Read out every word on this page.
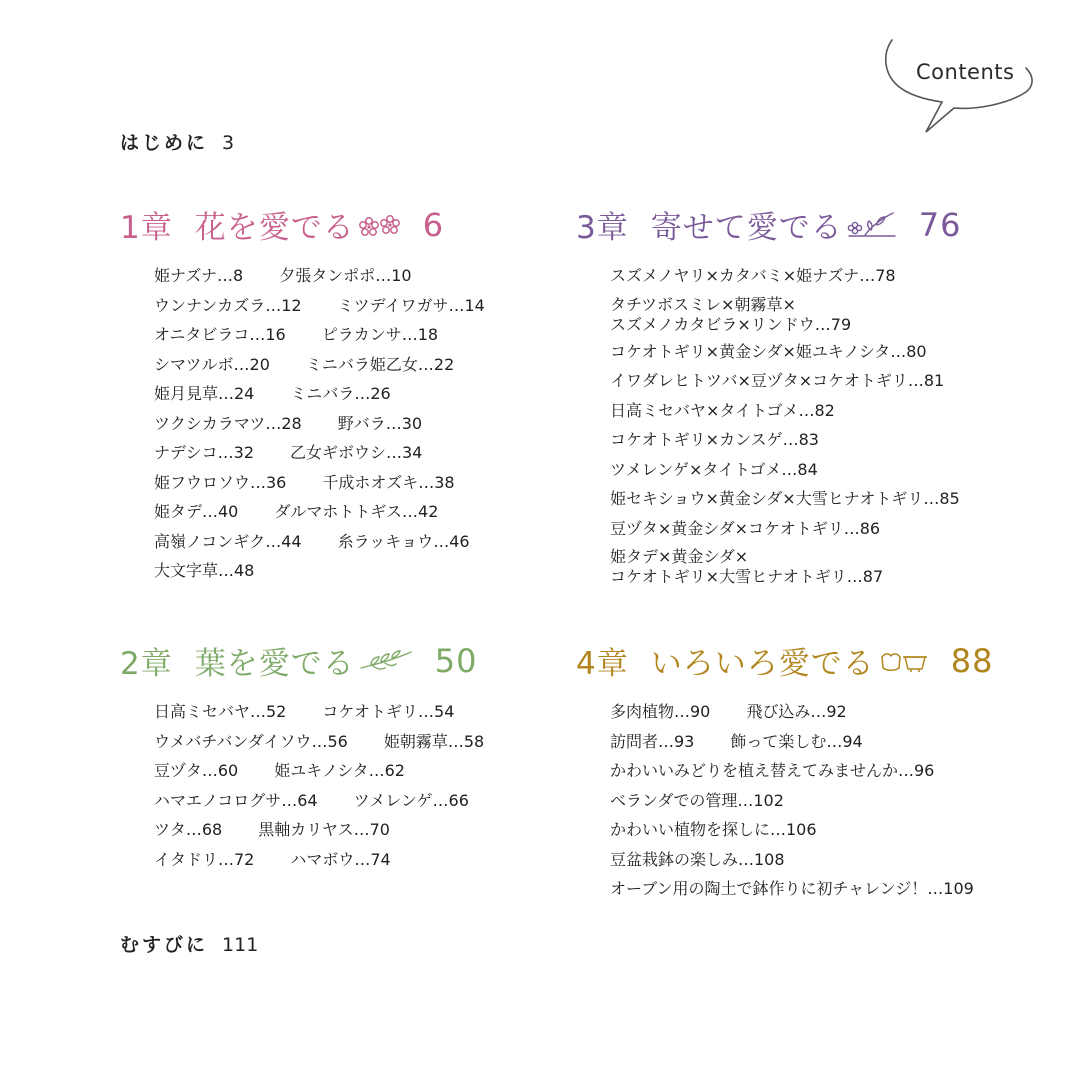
Contents
はじめに 3
1章 花を愛でる 6
姫ナズナ…8 夕張タンポポ…10
ウンナンカズラ…12 ミツデイワガサ…14
オニタビラコ…16 ピラカンサ…18
シマツルボ…20 ミニバラ姫乙女…22
姫月見草…24 ミニバラ…26
ツクシカラマツ…28 野バラ…30
ナデシコ…32 乙女ギボウシ…34
姫フウロソウ…36 千成ホオズキ…38
姫タデ…40 ダルマホトトギス…42
高嶺ノコンギク…44 糸ラッキョウ…46
大文字草…48
2章 葉を愛でる	50
日高ミセバヤ…52 コケオトギリ…54
ウメバチバンダイソウ…56 姫朝霧草…58
豆ヅタ…60 姫ユキノシタ…62
ハマエノコログサ…64 ツメレンゲ…66
ツタ…68 黒軸カリヤス…70
イタドリ…72 ハマボウ…74
3章 寄せて愛でる 76
スズメノヤリ×カタバミ×姫ナズナ…78
タチツボスミレ×朝霧草×
スズメノカタビラ×リンドウ…79
コケオトギリ×黄金シダ×姫ユキノシタ…80
イワダレヒトツバ×豆ヅタ×コケオトギリ…81
日高ミセバヤ×タイトゴメ…82
コケオトギリ×カンスゲ…83
ツメレンゲ×タイトゴメ…84
姫セキショウ×黄金シダ×大雪ヒナオトギリ…85
豆ヅタ×黄金シダ×コケオトギリ…86
姫タデ×黄金シダ×
コケオトギリ×大雪ヒナオトギリ…87
4章 いろいろ愛でる 88
多肉植物…90 飛び込み…92
訪問者…93 飾って楽しむ…94
かわいいみどりを植え替えてみませんか…96
ベランダでの管理…102
かわいい植物を探しに…106
豆盆栽鉢の楽しみ…108
オーブン用の陶土で鉢作りに初チャレンジ！…109
むすびに 111
